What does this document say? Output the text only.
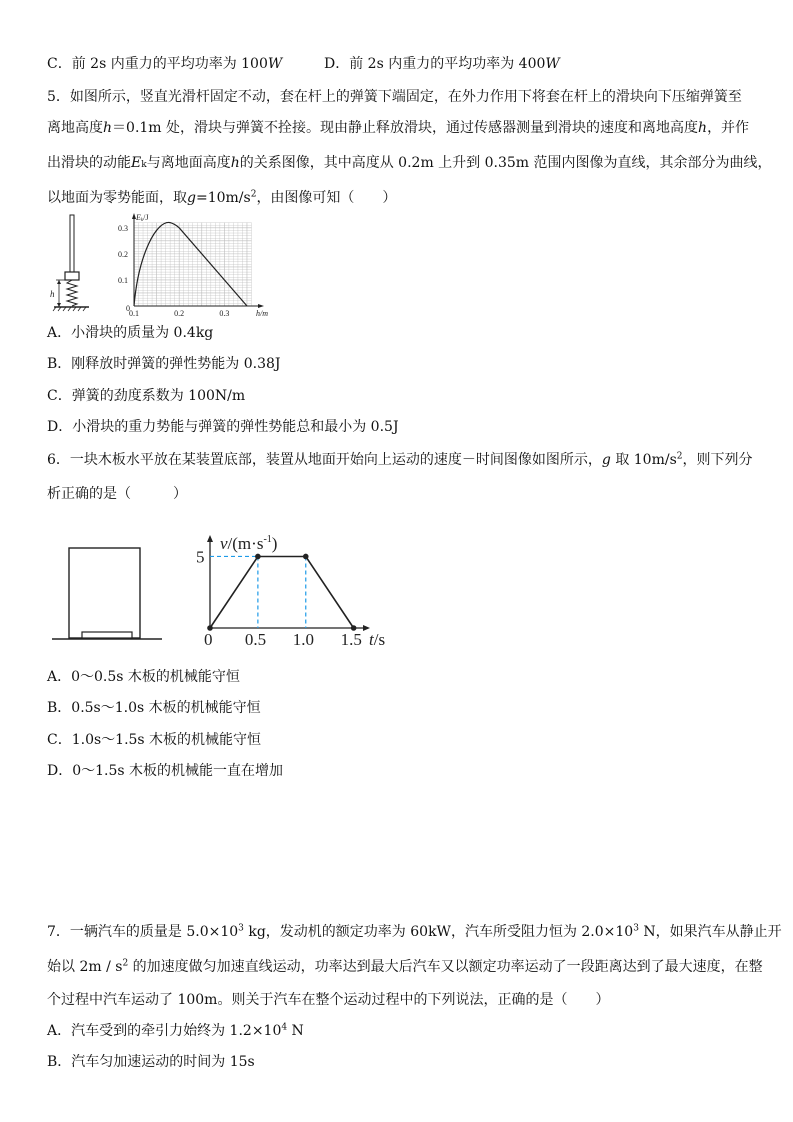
C．前 2s 内重力的平均功率为 100W	D．前 2s 内重力的平均功率为 400W
5．如图所示，竖直光滑杆固定不动，套在杆上的弹簧下端固定，在外力作用下将套在杆上的滑块向下压缩弹簧至
离地高度h＝0.1m 处，滑块与弹簧不拴接。现由静止释放滑块，通过传感器测量到滑块的速度和离地高度h，并作
出滑块的动能Ek与离地面高度h的关系图像，其中高度从 0.2m 上升到 0.35m 范围内图像为直线，其余部分为曲线，
以地面为零势能面，取$g=10m/s^2$，由图像可知（　　）
h
Ek/J
h/m
0
0.1	0.2	0.3
0.1
0.2
0.3
A．小滑块的质量为 0.4kg
B．刚释放时弹簧的弹性势能为 0.38J
C．弹簧的劲度系数为 100N/m
D．小滑块的重力势能与弹簧的弹性势能总和最小为 0.5J
6．一块木板水平放在某装置底部，装置从地面开始向上运动的速度－时间图像如图所示，g 取 $10m/s^2$，则下列分
析正确的是（　　　）
$v/(m\cdot s^{-1})$
t/s
0 0.5 1.0 1.5
5
A．0～0.5s 木板的机械能守恒
B．0.5s～1.0s 木板的机械能守恒
C．1.0s～1.5s 木板的机械能守恒
D．0～1.5s 木板的机械能一直在增加
7．一辆汽车的质量是 $5.0\times 10^3$ kg，发动机的额定功率为 60kW，汽车所受阻力恒为 $2.0\times 10^3$ N，如果汽车从静止开
始以 $2m / s^2$ 的加速度做匀加速直线运动，功率达到最大后汽车又以额定功率运动了一段距离达到了最大速度，在整
个过程中汽车运动了 100m。则关于汽车在整个运动过程中的下列说法，正确的是（　　）
A．汽车受到的牵引力始终为 $1.2\times 10^4$ N
B．汽车匀加速运动的时间为 15s
